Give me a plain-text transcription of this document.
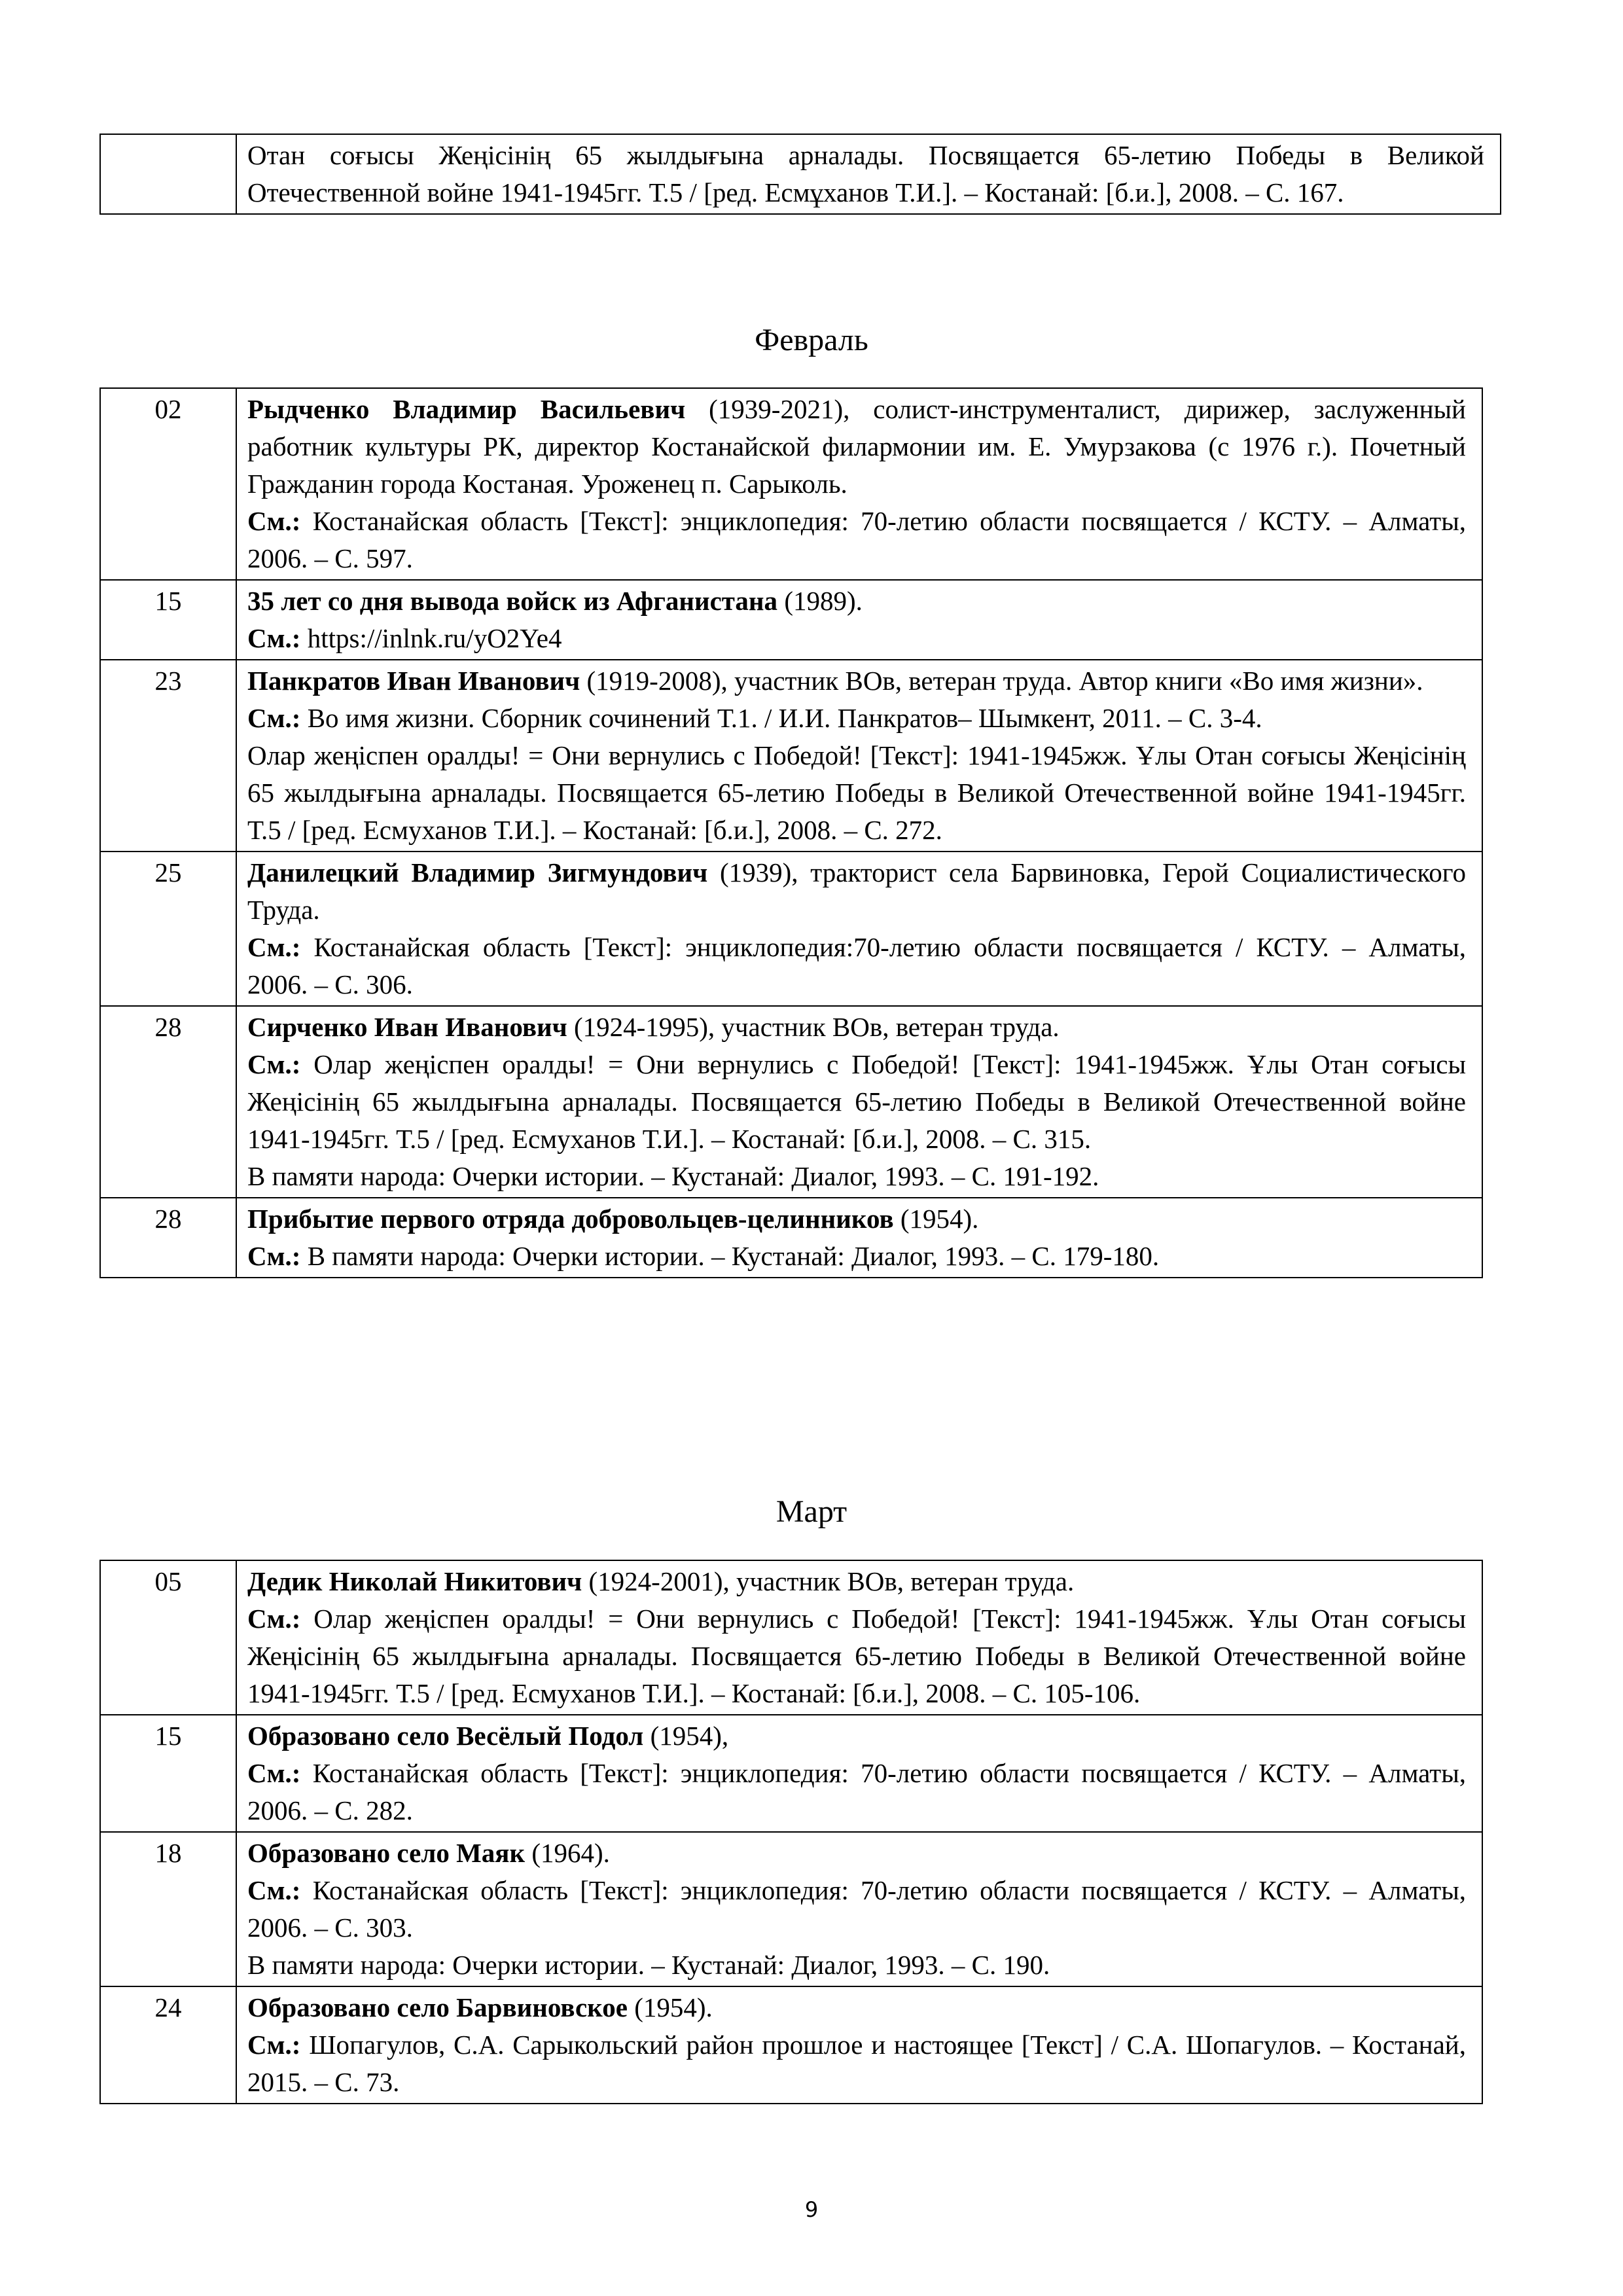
	Отан соғысы Жеңісінің 65 жылдығына арналады. Посвящается 65-летию Победы в Великой Отечественной войне 1941-1945гг. Т.5 / [ред. Есмұханов Т.И.]. – Костанай: [б.и.], 2008. – С. 167.
Февраль
02	Рыдченко Владимир Васильевич (1939-2021), солист-инструменталист, дирижер, заслуженный работник культуры РК, директор Костанайской филармонии им. Е. Умурзакова (с 1976 г.). Почетный Гражданин города Костаная. Уроженец п. Сарыколь.
См.: Костанайская область [Текст]: энциклопедия: 70-летию области посвящается / КСТУ. – Алматы, 2006. – С. 597.

15	35 лет со дня вывода войск из Афганистана (1989).
См.: https://inlnk.ru/yO2Ye4

23	Панкратов Иван Иванович (1919-2008), участник ВОв, ветеран труда. Автор книги «Во имя жизни».
См.: Во имя жизни. Сборник сочинений Т.1. / И.И. Панкратов– Шымкент, 2011. – С. 3-4.
Олар жеңіспен оралды! = Они вернулись с Победой! [Текст]: 1941-1945жж. Ұлы Отан соғысы Жеңісінің 65 жылдығына арналады. Посвящается 65-летию Победы в Великой Отечественной войне 1941-1945гг. Т.5 / [ред. Есмуханов Т.И.]. – Костанай: [б.и.], 2008. – С. 272.

25	Данилецкий Владимир Зигмундович (1939), тракторист села Барвиновка, Герой Социалистического Труда.
См.: Костанайская область [Текст]: энциклопедия:70-летию области посвящается / КСТУ. – Алматы, 2006. – С. 306.

28	Сирченко Иван Иванович (1924-1995), участник ВОв, ветеран труда.
См.: Олар жеңіспен оралды! = Они вернулись с Победой! [Текст]: 1941-1945жж. Ұлы Отан соғысы Жеңісінің 65 жылдығына арналады. Посвящается 65-летию Победы в Великой Отечественной войне 1941-1945гг. Т.5 / [ред. Есмуханов Т.И.]. – Костанай: [б.и.], 2008. – С. 315.
В памяти народа: Очерки истории. – Кустанай: Диалог, 1993. – С. 191-192.

28	Прибытие первого отряда добровольцев-целинников (1954).
См.: В памяти народа: Очерки истории. – Кустанай: Диалог, 1993. – С. 179-180.
Март
05	Дедик Николай Никитович (1924-2001), участник ВОв, ветеран труда.
См.: Олар жеңіспен оралды! = Они вернулись с Победой! [Текст]: 1941-1945жж. Ұлы Отан соғысы Жеңісінің 65 жылдығына арналады. Посвящается 65-летию Победы в Великой Отечественной войне 1941-1945гг. Т.5 / [ред. Есмуханов Т.И.]. – Костанай: [б.и.], 2008. – С. 105-106.

15	Образовано село Весёлый Подол (1954),
См.: Костанайская область [Текст]: энциклопедия: 70-летию области посвящается / КСТУ. – Алматы, 2006. – С. 282.

18	Образовано село Маяк (1964).
См.: Костанайская область [Текст]: энциклопедия: 70-летию области посвящается / КСТУ. – Алматы, 2006. – С. 303.
В памяти народа: Очерки истории. – Кустанай: Диалог, 1993. – С. 190.

24	Образовано село Барвиновское (1954).
См.: Шопагулов, С.А. Сарыкольский район прошлое и настоящее [Текст] / С.А. Шопагулов. – Костанай, 2015. – С. 73.
9
